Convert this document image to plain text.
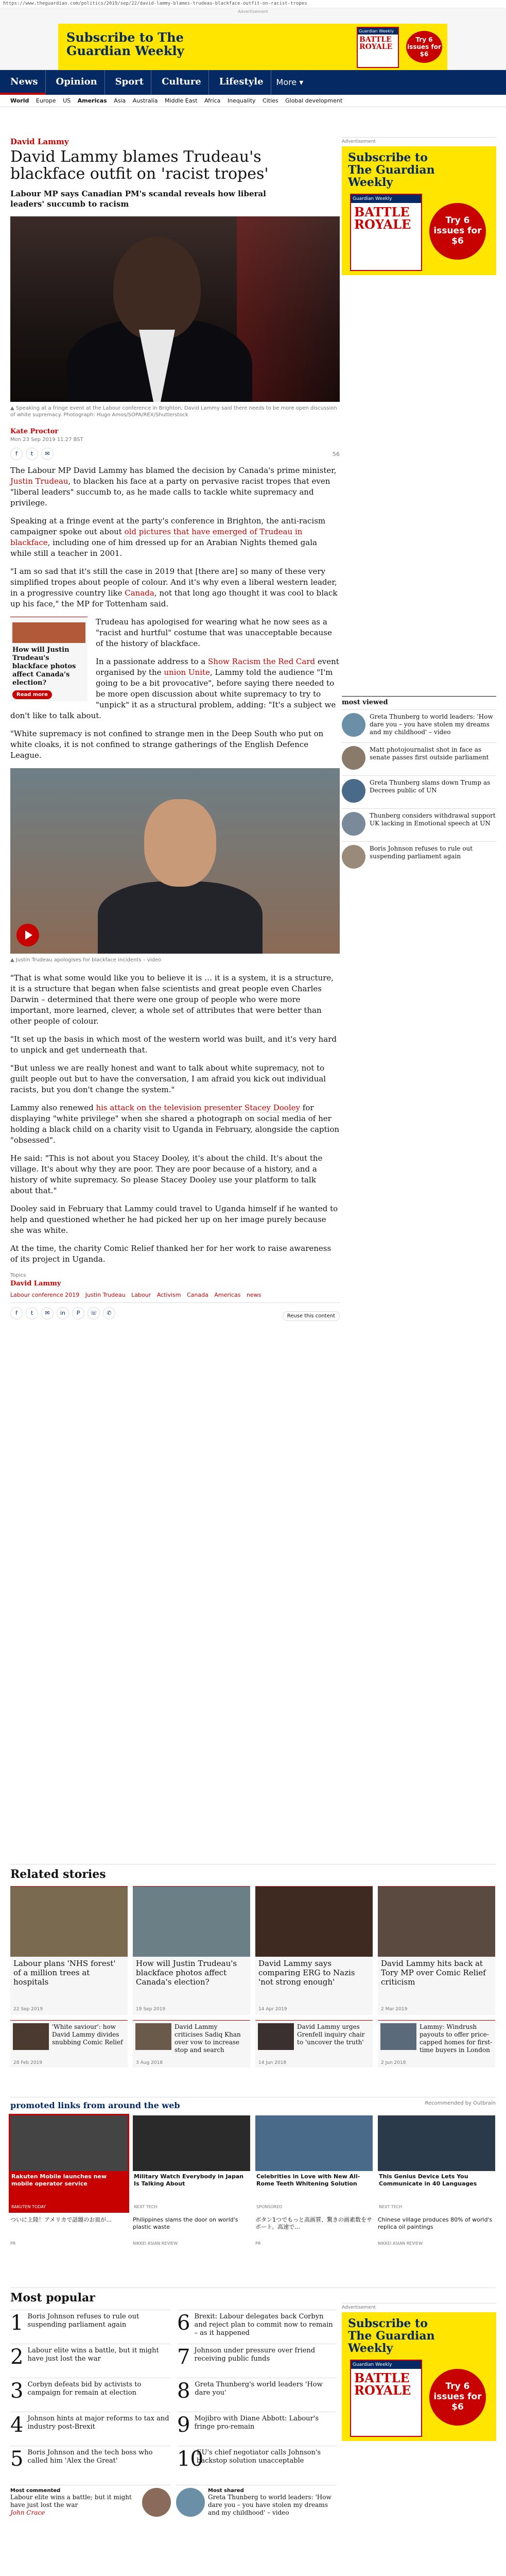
https://www.theguardian.com/politics/2019/sep/22/david-lammy-blames-trudeau-blackface-outfit-on-racist-tropes
Advertisement
Subscribe to The Guardian Weekly
Guardian Weekly
BATTLE ROYALE
Try 6 issues for $6
News	Opinion	Sport	Culture	Lifestyle	More ▾
World Europe US Americas Asia Australia Middle East Africa Inequality Cities Global development
David Lammy
David Lammy blames Trudeau's blackface outfit on 'racist tropes'
Labour MP says Canadian PM's scandal reveals how liberal leaders' succumb to racism
▲ Speaking at a fringe event at the Labour conference in Brighton, David Lammy said there needs to be more open discussion of white supremacy. Photograph: Hugo Amos/SOPA/REX/Shutterstock
Kate Proctor
Mon 23 Sep 2019 11.27 BST
f	t	✉	56

The Labour MP David Lammy has blamed the decision by Canada's prime minister, Justin Trudeau, to blacken his face at a party on pervasive racist tropes that even "liberal leaders" succumb to, as he made calls to tackle white supremacy and privilege.

Speaking at a fringe event at the party's conference in Brighton, the anti-racism campaigner spoke out about old pictures that have emerged of Trudeau in blackface, including one of him dressed up for an Arabian Nights themed gala while still a teacher in 2001.

"I am so sad that it's still the case in 2019 that [there are] so many of these very simplified tropes about people of colour. And it's why even a liberal western leader, in a progressive country like Canada, not that long ago thought it was cool to black up his face," the MP for Tottenham said.

How will Justin Trudeau's blackface photos affect Canada's election?
Read more

Trudeau has apologised for wearing what he now sees as a "racist and hurtful" costume that was unacceptable because of the history of blackface.

In a passionate address to a Show Racism the Red Card event organised by the union Unite, Lammy told the audience "I'm going to be a bit provocative", before saying there needed to be more open discussion about white supremacy to try to "unpick" it as a structural problem, adding: "It's a subject we don't like to talk about.

"White supremacy is not confined to strange men in the Deep South who put on white cloaks, it is not confined to strange gatherings of the English Defence League.

▲ Justin Trudeau apologises for blackface incidents – video

"That is what some would like you to believe it is … it is a system, it is a structure, it is a structure that began when false scientists and great people even Charles Darwin – determined that there were one group of people who were more important, more learned, clever, a whole set of attributes that were better than other people of colour.

"It set up the basis in which most of the western world was built, and it's very hard to unpick and get underneath that.

"But unless we are really honest and want to talk about white supremacy, not to guilt people out but to have the conversation, I am afraid you kick out individual racists, but you don't change the system."

Lammy also renewed his attack on the television presenter Stacey Dooley for displaying "white privilege" when she shared a photograph on social media of her holding a black child on a charity visit to Uganda in February, alongside the caption "obsessed".

He said: "This is not about you Stacey Dooley, it's about the child. It's about the village. It's about why they are poor. They are poor because of a history, and a history of white supremacy. So please Stacey Dooley use your platform to talk about that."

Dooley said in February that Lammy could travel to Uganda himself if he wanted to help and questioned whether he had picked her up on her image purely because she was white.

At the time, the charity Comic Relief thanked her for her work to raise awareness of its project in Uganda.

Topics
David Lammy
Labour conference 2019 Justin Trudeau Labour Activism Canada Americas news
f	t	✉	in	P	☏	✆	Reuse this content
Advertisement
Subscribe to The Guardian Weekly
Guardian Weekly
BATTLE ROYALE	Try 6 issues for $6
most viewed
Greta Thunberg to world leaders: 'How dare you – you have stolen my dreams and my childhood' – video
Matt photojournalist shot in face as senate passes first outside parliament
Greta Thunberg slams down Trump as Decrees public of UN
Thunberg considers withdrawal support UK lacking in Emotional speech at UN
Boris Johnson refuses to rule out suspending parliament again
Related stories
Labour plans 'NHS forest' of a million trees at hospitals
22 Sep 2019
How will Justin Trudeau's blackface photos affect Canada's election?
19 Sep 2019
David Lammy says comparing ERG to Nazis 'not strong enough'
14 Apr 2019
David Lammy hits back at Tory MP over Comic Relief criticism
2 Mar 2019
'White saviour': how David Lammy divides snubbing Comic Relief
28 Feb 2019
David Lammy criticises Sadiq Khan over vow to increase stop and search
3 Aug 2018
David Lammy urges Grenfell inquiry chair to 'uncover the truth'
14 Jun 2018
Lammy: Windrush payouts to offer price-capped homes for first-time buyers in London
2 Jun 2018
promoted links from around the web	Recommended by Outbrain
Rakuten Mobile launches new mobile operator service
RAKUTEN TODAY
Military Watch Everybody in Japan Is Talking About
NEXT TECH
Celebrities in Love with New All-Rome Teeth Whitening Solution
SPONSORED
This Genius Device Lets You Communicate in 40 Languages
NEXT TECH
ついに上陸！アメリカで話題のお皿が…
PR
Philippines slams the door on world's plastic waste
NIKKEI ASIAN REVIEW
ボタン1つでもっと高画質、驚きの画素数をサポート。高速で…
PR
Chinese village produces 80% of world's replica oil paintings
NIKKEI ASIAN REVIEW
Most popular
Advertisement
Subscribe to The Guardian Weekly
Guardian Weekly
BATTLE ROYALE	Try 6 issues for $6
1 Boris Johnson refuses to rule out suspending parliament again
2 Labour elite wins a battle, but it might have just lost the war
3 Corbyn defeats bid by activists to campaign for remain at election
4 Johnson hints at major reforms to tax and industry post-Brexit
5 Boris Johnson and the tech boss who called him 'Alex the Great'
6 Brexit: Labour delegates back Corbyn and reject plan to commit now to remain – as it happened
7 Johnson under pressure over friend receiving public funds
8 Greta Thunberg's world leaders 'How dare you'
9 Mojibro with Diane Abbott: Labour's fringe pro-remain
10
EU's chief negotiator calls Johnson's backstop solution unacceptable
Most commented
Labour elite wins a battle; but it might have just lost the war
John Crace
Most shared
Greta Thunberg to world leaders: 'How dare you – you have stolen my dreams and my childhood' – video
